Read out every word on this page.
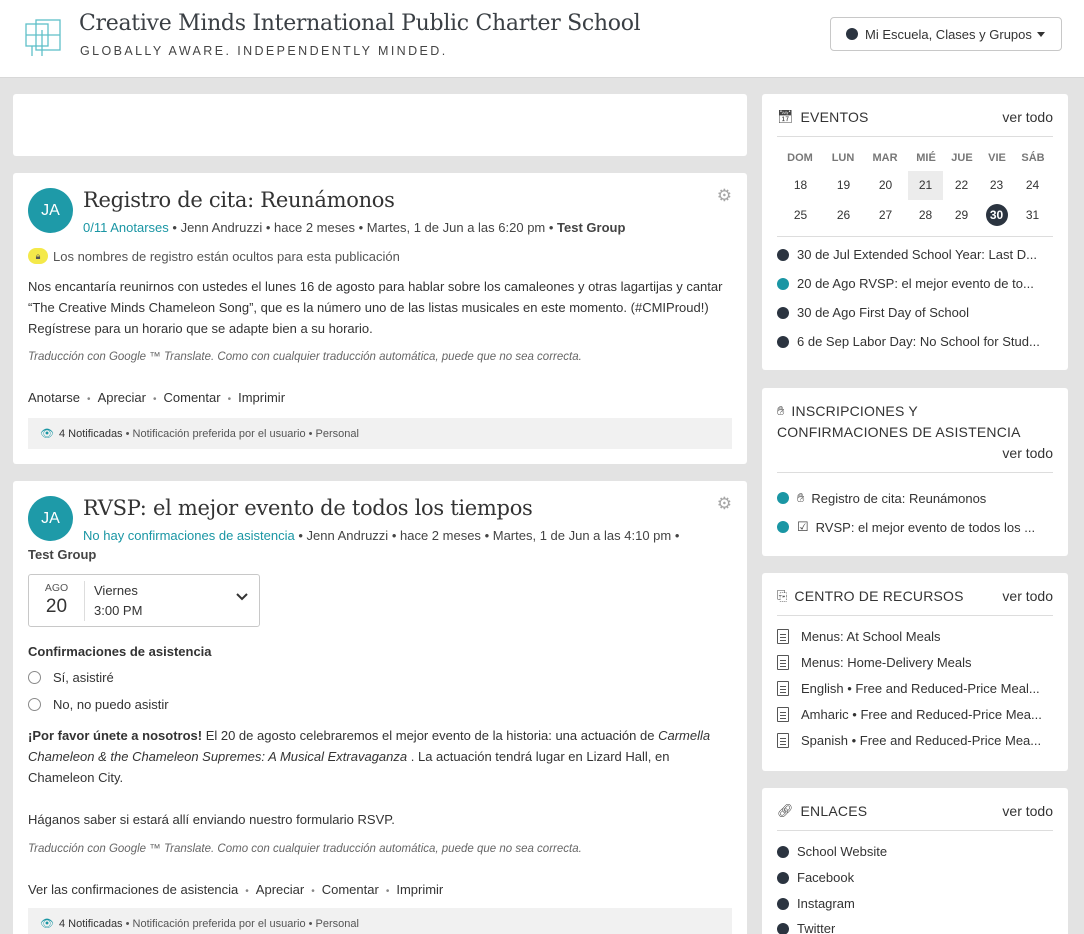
Creative Minds International Public Charter School
GLOBALLY AWARE. INDEPENDENTLY MINDED.
Mi Escuela, Clases y Grupos
⚙
JA	Registro de cita: Reunámonos
0/11 Anotarses • Jenn Andruzzi • hace 2 meses • Martes, 1 de Jun a las 6:20 pm • Test Group
🔒︎ Los nombres de registro están ocultos para esta publicación
Nos encantaría reunirnos con ustedes el lunes 16 de agosto para hablar sobre los camaleones y otras lagartijas y cantar “The Creative Minds Chameleon Song”, que es la número uno de las listas musicales en este momento. (#CMIProud!) Regístrese para un horario que se adapte bien a su horario.
Traducción con Google ™ Translate. Como con cualquier traducción automática, puede que no sea correcta.
Anotarse • Apreciar • Comentar • Imprimir
👁︎ 4 Notificadas
• Notificación preferida por el usuario • Personal
⚙
JA	RVSP: el mejor evento de todos los tiempos
No hay confirmaciones de asistencia • Jenn Andruzzi • hace 2 meses • Martes, 1 de Jun a las 4:10 pm •
Test Group
AGO
20
Viernes
3:00 PM
Confirmaciones de asistencia
Sí, asistiré
No, no puedo asistir
¡Por favor únete a nosotros! El 20 de agosto celebraremos el mejor evento de la historia: una actuación de Carmella Chameleon & the Chameleon Supremes: A Musical Extravaganza . La actuación tendrá lugar en Lizard Hall, en Chameleon City.
Háganos saber si estará allí enviando nuestro formulario RSVP.
Traducción con Google ™ Translate. Como con cualquier traducción automática, puede que no sea correcta.
Ver las confirmaciones de asistencia • Apreciar • Comentar • Imprimir
👁︎ 4 Notificadas
• Notificación preferida por el usuario • Personal
📅︎ EVENTOS	ver todo
DOM	LUN	MAR	MIÉ	JUE	VIE	SÁB
18	19	20	21	22	23	24
25	26	27	28	29	30	31
30 de Jul Extended School Year: Last D...
20 de Ago RVSP: el mejor evento de to...
30 de Ago First Day of School
6 de Sep Labor Day: No School for Stud...
✋︎ INSCRIPCIONES Y
CONFIRMACIONES DE ASISTENCIA
ver todo
✋︎ Registro de cita: Reunámonos
☑ RVSP: el mejor evento de todos los ...
⎘ CENTRO DE RECURSOS	ver todo
Menus: At School Meals
Menus: Home-Delivery Meals
English • Free and Reduced-Price Meal...
Amharic • Free and Reduced-Price Mea...
Spanish • Free and Reduced-Price Mea...
🔗︎ ENLACES	ver todo
School Website
Facebook
Instagram
Twitter
